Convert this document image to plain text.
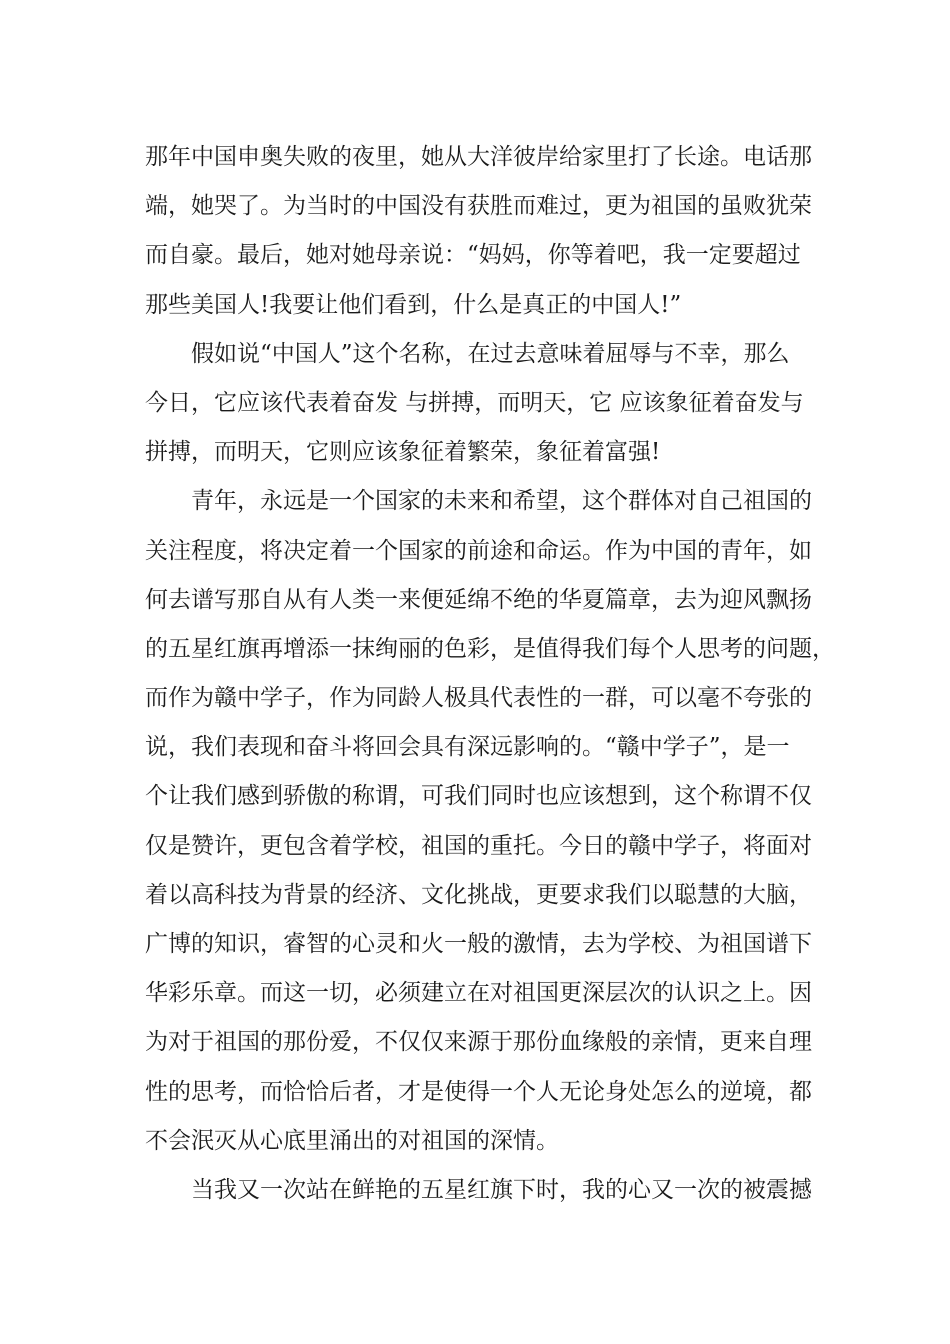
那年中国申奥失败的夜里，她从大洋彼岸给家里打了长途。电话那
端，她哭了。为当时的中国没有获胜而难过，更为祖国的虽败犹荣
而自豪。最后，她对她母亲说：“妈妈，你等着吧，我一定要超过
那些美国人!我要让他们看到，什么是真正的中国人!”
假如说“中国人”这个名称，在过去意味着屈辱与不幸，那么
今日，它应该代表着奋发 与拼搏，而明天，它 应该象征着奋发与
拼搏，而明天，它则应该象征着繁荣，象征着富强!
青年，永远是一个国家的未来和希望，这个群体对自己祖国的
关注程度，将决定着一个国家的前途和命运。作为中国的青年，如
何去谱写那自从有人类一来便延绵不绝的华夏篇章，去为迎风飘扬
的五星红旗再增添一抹绚丽的色彩，是值得我们每个人思考的问题，
而作为赣中学子，作为同龄人极具代表性的一群，可以毫不夸张的
说，我们表现和奋斗将回会具有深远影响的。“赣中学子”，是一
个让我们感到骄傲的称谓，可我们同时也应该想到，这个称谓不仅
仅是赞许，更包含着学校，祖国的重托。今日的赣中学子，将面对
着以高科技为背景的经济、文化挑战，更要求我们以聪慧的大脑，
广博的知识，睿智的心灵和火一般的激情，去为学校、为祖国谱下
华彩乐章。而这一切，必须建立在对祖国更深层次的认识之上。因
为对于祖国的那份爱，不仅仅来源于那份血缘般的亲情，更来自理
性的思考，而恰恰后者，才是使得一个人无论身处怎么的逆境，都
不会泯灭从心底里涌出的对祖国的深情。
当我又一次站在鲜艳的五星红旗下时，我的心又一次的被震撼
